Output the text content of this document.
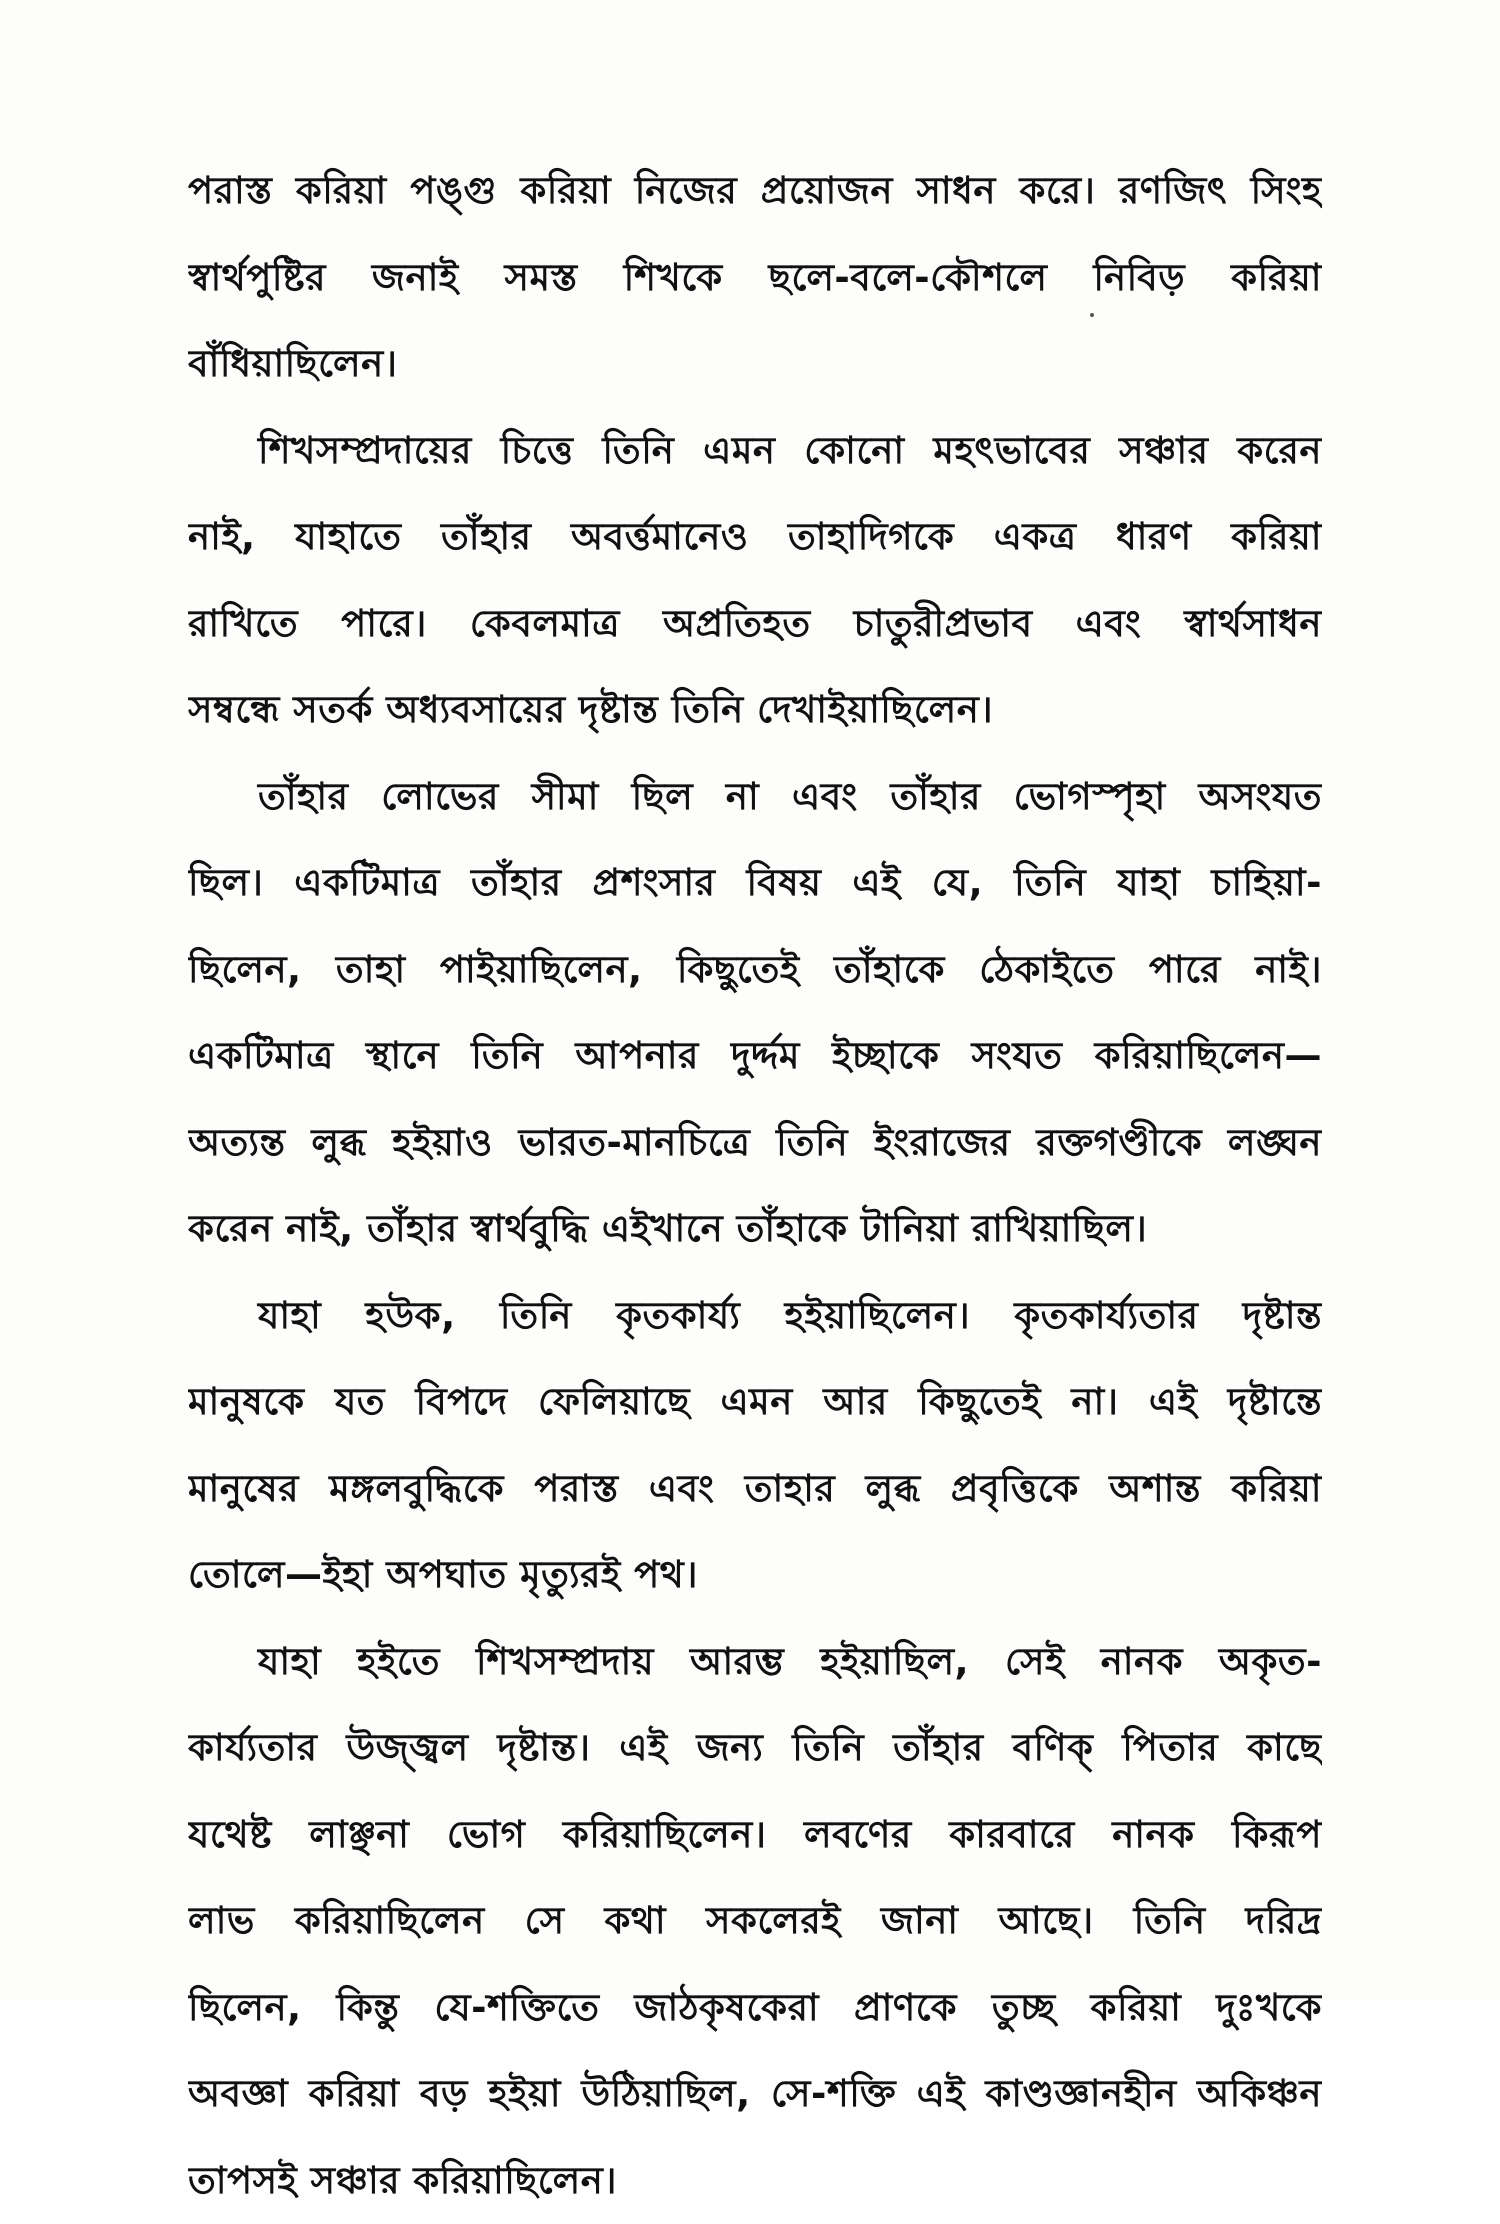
পরাস্ত করিয়া পঙ্গু করিয়া নিজের প্রয়োজন সাধন করে। রণজিৎ সিংহ
স্বার্থপুষ্টির জনাই সমস্ত শিখকে ছলে-বলে-কৌশলে নিবিড় করিয়া
বাঁধিয়াছিলেন।
শিখসম্প্রদায়ের চিত্তে তিনি এমন কোনো মহৎভাবের সঞ্চার করেন
নাই, যাহাতে তাঁহার অবর্ত্তমানেও তাহাদিগকে একত্র ধারণ করিয়া
রাখিতে পারে। কেবলমাত্র অপ্রতিহত চাতুরীপ্রভাব এবং স্বার্থসাধন
সম্বন্ধে সতর্ক অধ্যবসায়ের দৃষ্টান্ত তিনি দেখাইয়াছিলেন।
তাঁহার লোভের সীমা ছিল না এবং তাঁহার ভোগস্পৃহা অসংযত
ছিল। একটিমাত্র তাঁহার প্রশংসার বিষয় এই যে, তিনি যাহা চাহিয়া-
ছিলেন, তাহা পাইয়াছিলেন, কিছুতেই তাঁহাকে ঠেকাইতে পারে নাই।
একটিমাত্র স্থানে তিনি আপনার দুর্দ্দম ইচ্ছাকে সংযত করিয়াছিলেন—
অত্যন্ত লুব্ধ হইয়াও ভারত-মানচিত্রে তিনি ইংরাজের রক্তগণ্ডীকে লঙ্ঘন
করেন নাই, তাঁহার স্বার্থবুদ্ধি এইখানে তাঁহাকে টানিয়া রাখিয়াছিল।
যাহা হউক, তিনি কৃতকার্য্য হইয়াছিলেন। কৃতকার্য্যতার দৃষ্টান্ত
মানুষকে যত বিপদে ফেলিয়াছে এমন আর কিছুতেই না। এই দৃষ্টান্তে
মানুষের মঙ্গলবুদ্ধিকে পরাস্ত এবং তাহার লুব্ধ প্রবৃত্তিকে অশান্ত করিয়া
তোলে—ইহা অপঘাত মৃত্যুরই পথ।
যাহা হইতে শিখসম্প্রদায় আরম্ভ হইয়াছিল, সেই নানক অকৃত-
কার্য্যতার উজ্জ্বল দৃষ্টান্ত। এই জন্য তিনি তাঁহার বণিক্ পিতার কাছে
যথেষ্ট লাঞ্ছনা ভোগ করিয়াছিলেন। লবণের কারবারে নানক কিরূপ
লাভ করিয়াছিলেন সে কথা সকলেরই জানা আছে। তিনি দরিদ্র
ছিলেন, কিন্তু যে-শক্তিতে জাঠকৃষকেরা প্রাণকে তুচ্ছ করিয়া দুঃখকে
অবজ্ঞা করিয়া বড় হইয়া উঠিয়াছিল, সে-শক্তি এই কাণ্ডজ্ঞানহীন অকিঞ্চন
তাপসই সঞ্চার করিয়াছিলেন।
